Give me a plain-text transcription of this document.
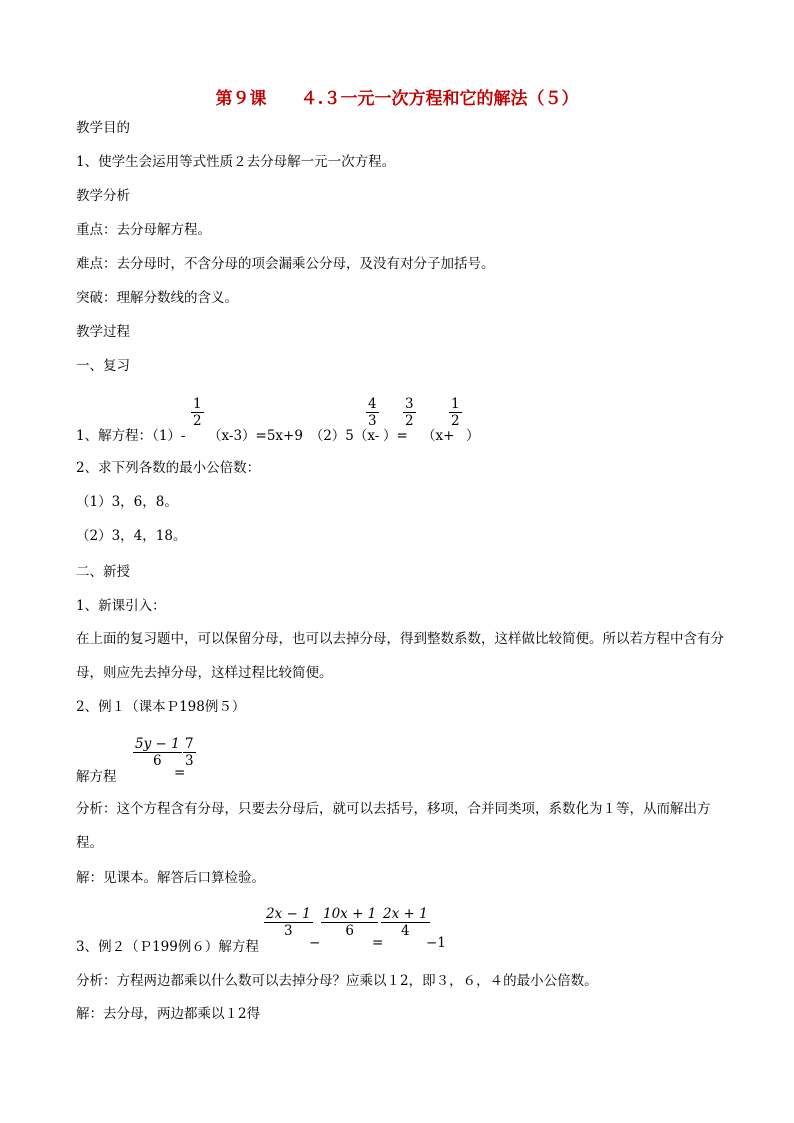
第９课　　４.３一元一次方程和它的解法（５）
教学目的
1、使学生会运用等式性质２去分母解一元一次方程。
教学分析
重点：去分母解方程。
难点：去分母时，不含分母的项会漏乘公分母，及没有对分子加括号。
突破：理解分数线的含义。
教学过程
一、复习
1、解方程：（1）-
$\frac{1}{2}$
（x-3）=5x+9　（2）5（x-
$\frac{4}{3}$
）=
$\frac{3}{2}$
（x+
$\frac{1}{2}$
）
2、求下列各数的最小公倍数：
（1）3，6，8。
（2）3，4，18。
二、新授
1、新课引入：
在上面的复习题中，可以保留分母，也可以去掉分母，得到整数系数，这样做比较简便。所以若方程中含有分母，则应先去掉分母，这样过程比较简便。
2、例１（课本Ｐ198例５）
解方程
$\frac{5y - 1}{6}$
=
$\frac{7}{3}$
分析：这个方程含有分母，只要去分母后，就可以去括号，移项，合并同类项，系数化为１等，从而解出方程。
解：见课本。解答后口算检验。
3、例２（Ｐ199例６）解方程
$\frac{2x - 1}{3}$
−
$\frac{10x + 1}{6}$
=
$\frac{2x + 1}{4}$
−1
分析：方程两边都乘以什么数可以去掉分母？应乘以１2，即３，６，４的最小公倍数。
解：去分母，两边都乘以１2得
